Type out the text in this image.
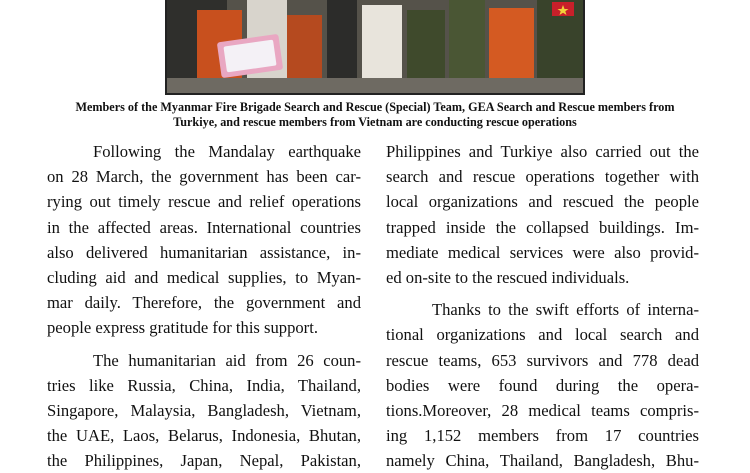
Members of the Myanmar Fire Brigade Search and Rescue (Special) Team, GEA Search and Rescue members from
Turkiye, and rescue members from Vietnam are conducting rescue operations
Following the Mandalay earthquake
on 28 March, the government has been car-
rying out timely rescue and relief operations
in the affected areas. International countries
also delivered humanitarian assistance, in-
cluding aid and medical supplies, to Myan-
mar daily. Therefore, the government and
people express gratitude for this support.
The humanitarian aid from 26 coun-
tries like Russia, China, India, Thailand,
Singapore, Malaysia, Bangladesh, Vietnam,
the UAE, Laos, Belarus, Indonesia, Bhutan,
the Philippines, Japan, Nepal, Pakistan,
Philippines and Turkiye also carried out the
search and rescue operations together with
local organizations and rescued the people
trapped inside the collapsed buildings. Im-
mediate medical services were also provid-
ed on-site to the rescued individuals.
Thanks to the swift efforts of interna-
tional organizations and local search and
rescue teams, 653 survivors and 778 dead
bodies were found during the opera-
tions.Moreover, 28 medical teams compris-
ing 1,152 members from 17 countries
namely China, Thailand, Bangladesh, Bhu-
